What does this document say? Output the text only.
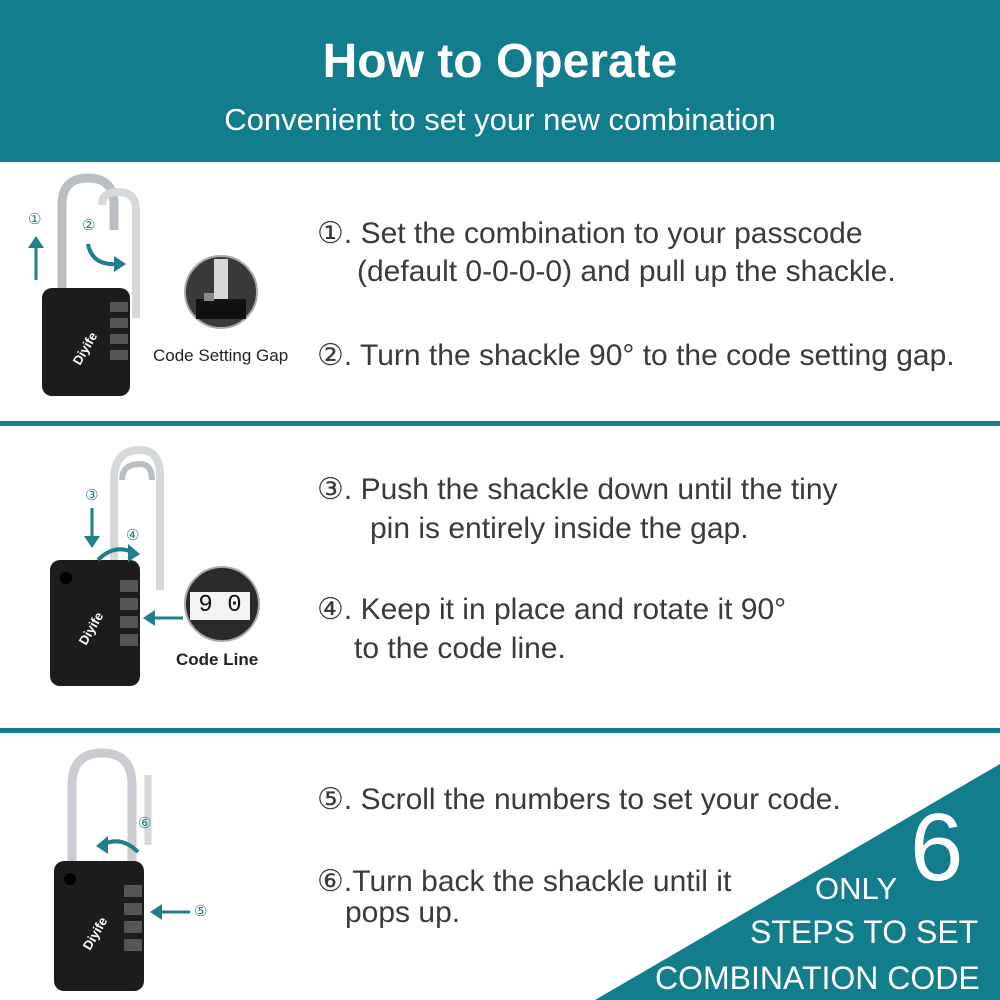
How to Operate
Convenient to set your new combination
Diyife
①	②
Code Setting Gap
①. Set the combination to your passcode
(default 0-0-0-0) and pull up the shackle.
②. Turn the shackle 90° to the code setting gap.
Diyife
③
④
9 0
Code Line
③. Push the shackle down until the tiny
pin is entirely inside the gap.
④. Keep it in place and rotate it 90°
to the code line.
Diyife
⑥
⑤
⑤. Scroll the numbers to set your code.
⑥.Turn back the shackle until it
pops up.
ONLY 6
STEPS TO SET
COMBINATION CODE
